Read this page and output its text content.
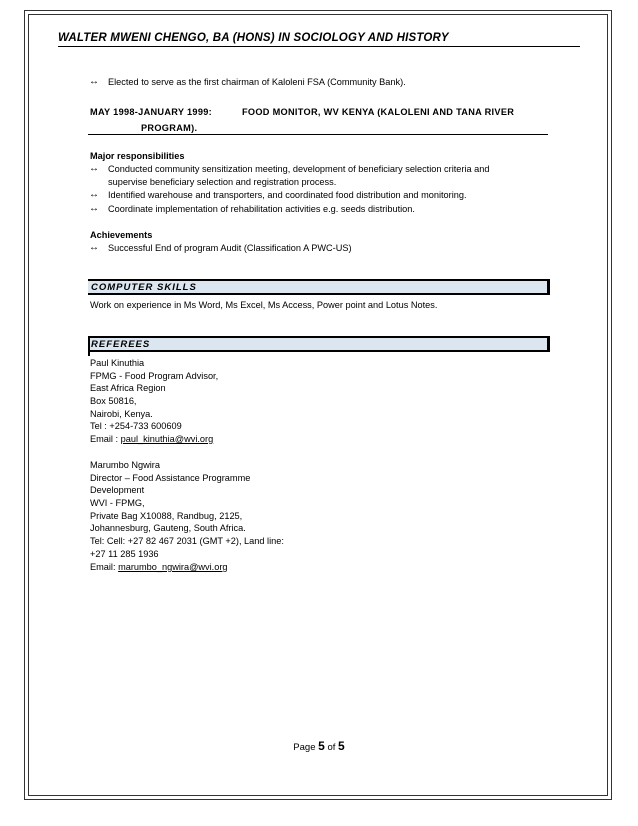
WALTER MWENI CHENGO, BA (HONS) IN SOCIOLOGY AND HISTORY
↔ Elected to serve as the first chairman of Kaloleni FSA (Community Bank).
MAY 1998-JANUARY 1999:	FOOD MONITOR, WV KENYA (KALOLENI AND TANA RIVER
PROGRAM).
Major responsibilities
↔ Conducted community sensitization meeting, development of beneficiary selection criteria and
supervise beneficiary selection and registration process.
↔ Identified warehouse and transporters, and coordinated food distribution and monitoring.
↔ Coordinate implementation of rehabilitation activities e.g. seeds distribution.
Achievements
↔ Successful End of program Audit (Classification A PWC-US)
COMPUTER SKILLS
Work on experience in Ms Word, Ms Excel, Ms Access, Power point and Lotus Notes.
REFEREES
Paul Kinuthia
FPMG - Food Program Advisor,
East Africa Region
Box 50816,
Nairobi, Kenya.
Tel : +254-733 600609
Email : paul_kinuthia@wvi.org
Marumbo Ngwira
Director – Food Assistance Programme
Development
WVI - FPMG,
Private Bag X10088, Randbug, 2125,
Johannesburg, Gauteng, South Africa.
Tel: Cell: +27 82 467 2031 (GMT +2), Land line:
+27 11 285 1936
Email: marumbo_ngwira@wvi.org
Page 5 of 5
